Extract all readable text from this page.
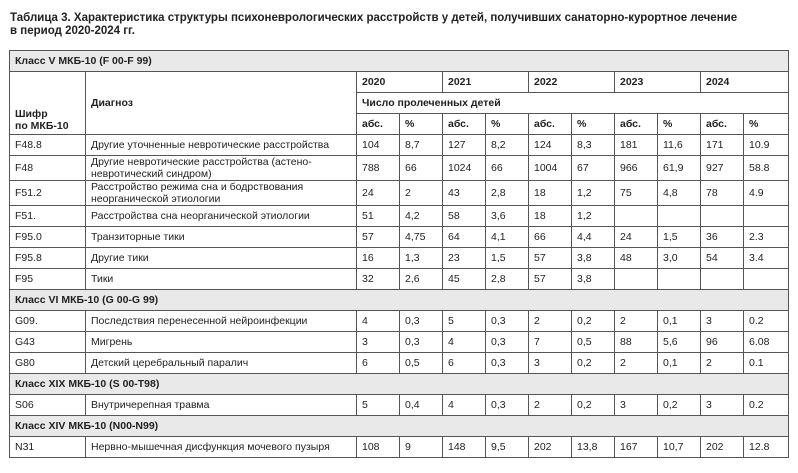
Таблица 3. Характеристика структуры психоневрологических расстройств у детей, получивших санаторно-курортное лечение
в период 2020-2024 гг.
Класс V МКБ-10 (F 00-F 99)											

Шифр
по МКБ-10	Диагноз	2020		2021		2022		2023		2024	
		Число пролеченных детей									
		абс.	%	абс.	%	абс.	%	абс.	%	абс.	%
F48.8	Другие уточненные невротические расстройства	104	8,7	127	8,2	124	8,3	181	11,6	171	10.9
F48	Другие невротические расстройства (астено-невротический синдром)	788	66	1024	66	1004	67	966	61,9	927	58.8
F51.2	Расстройство режима сна и бодрствования неорганической этиологии	24	2	43	2,8	18	1,2	75	4,8	78	4.9
F51.	Расстройства сна неорганической этиологии	51	4,2	58	3,6	18	1,2				
F95.0	Транзиторные тики	57	4,75	64	4,1	66	4,4	24	1,5	36	2.3
F95.8	Другие тики	16	1,3	23	1,5	57	3,8	48	3,0	54	3.4
F95	Тики	32	2,6	45	2,8	57	3,8				
Класс VI МКБ-10 (G 00-G 99)											
G09.	Последствия перенесенной нейроинфекции	4	0,3	5	0,3	2	0,2	2	0,1	3	0.2
G43	Мигрень	3	0,3	4	0,3	7	0,5	88	5,6	96	6.08
G80	Детский церебральный паралич	6	0,5	6	0,3	3	0,2	2	0,1	2	0.1
Класс XIX МКБ-10 (S 00-T98)											
S06	Внутричерепная травма	5	0,4	4	0,3	2	0,2	3	0,2	3	0.2
Класс XIV МКБ-10 (N00-N99)											
N31	Нервно-мышечная дисфункция мочевого пузыря	108	9	148	9,5	202	13,8	167	10,7	202	12.8
